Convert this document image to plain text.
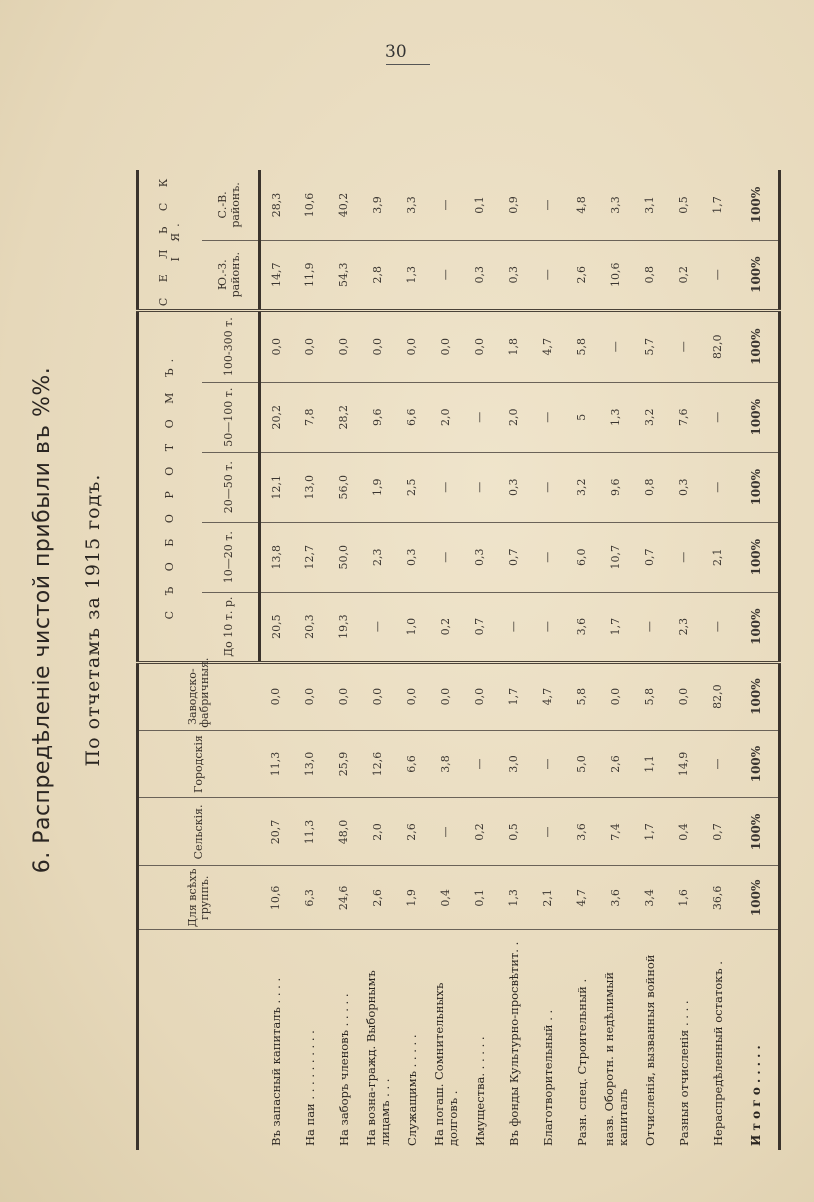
30
6. Распредѣленіе чистой прибыли въ %%. По отчетамъ за 1915 годъ.
	Для всѣхъ группъ.	Сельскія.	Городскія	Заводско-фабричныя.	С Ъ О Б О Р О Т О М Ъ.					С Е Л Ь С К І Я.	
					До 10 т. р.	10—20 т.	20—50 т.	50—100 т.	100-300 т.	Ю.-З. районъ.	С.-В. районъ.
Въ запасный капиталъ . . . .	10,6	20,7	11,3	0,0	20,5	13,8	12,1	20,2	0,0	14,7	28,3
На паи . . . . . . . . . .	6,3	11,3	13,0	0,0	20,3	12,7	13,0	7,8	0,0	11,9	10,6
На заборъ членовъ . . . . .	24,6	48,0	25,9	0,0	19,3	50,0	56,0	28,2	0,0	54,3	40,2
На возна-гражд. Выборнымъ лицамъ . . .	2,6	2,0	12,6	0,0	—	2,3	1,9	9,6	0,0	2,8	3,9
Служащимъ . . . . .	1,9	2,6	6,6	0,0	1,0	0,3	2,5	6,6	0,0	1,3	3,3
На погаш. Сомнительныхъ долговъ .	0,4	—	3,8	0,0	0,2	—	—	2,0	0,0	—	—
Имущества. . . . . .	0,1	0,2	—	0,0	0,7	0,3	—	—	0,0	0,3	0,1
Въ фонды Культурно-просвѣтит. .	1,3	0,5	3,0	1,7	—	0,7	0,3	2,0	1,8	0,3	0,9
Благотворительный . .	2,1	—	—	4,7	—	—	—	—	4,7	—	—
Разн. спец. Строительный .	4,7	3,6	5,0	5,8	3,6	6,0	3,2	5	5,8	2,6	4,8
назв. Оборотн. и недѣлимый капиталъ	3,6	7,4	2,6	0,0	1,7	10,7	9,6	1,3	—	10,6	3,3
Отчисленія, вызванныя войной	3,4	1,7	1,1	5,8	—	0,7	0,8	3,2	5,7	0,8	3,1
Разныя отчисленія . . . .	1,6	0,4	14,9	0,0	2,3	—	0,3	7,6	—	0,2	0,5
Нераспредѣленный остатокъ .	36,6	0,7	—	82,0	—	2,1	—	—	82,0	—	1,7
И т о г о . . . . .	100%	100%	100%	100%	100%	100%	100%	100%	100%	100%	100%
